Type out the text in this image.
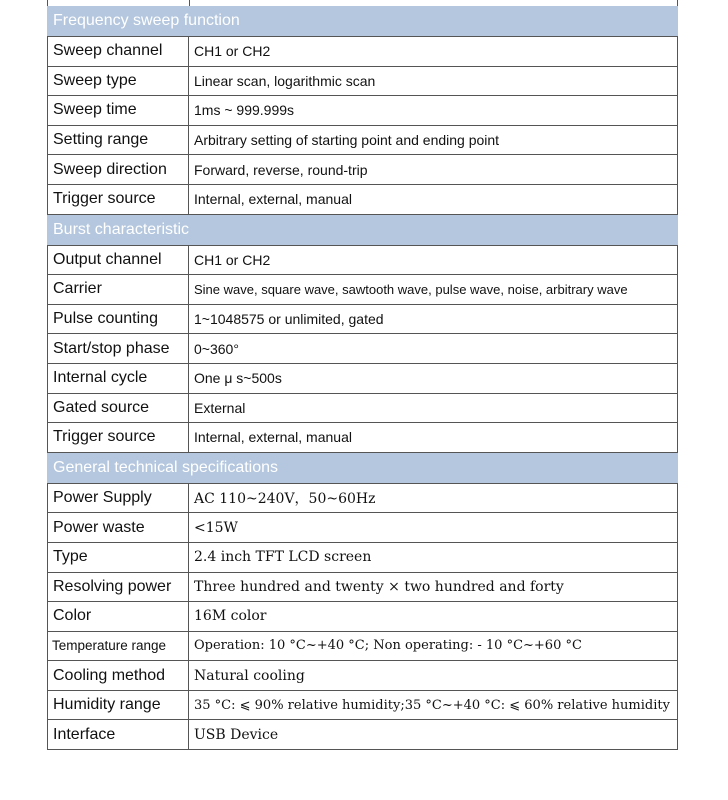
Frequency sweep function
Sweep channel	CH1 or CH2
Sweep type	Linear scan, logarithmic scan
Sweep time	1ms ~ 999.999s
Setting range	Arbitrary setting of starting point and ending point
Sweep direction	Forward, reverse, round-trip
Trigger source	Internal, external, manual
Burst characteristic
Output channel	CH1 or CH2
Carrier	Sine wave, square wave, sawtooth wave, pulse wave, noise, arbitrary wave
Pulse counting	1~1048575 or unlimited, gated
Start/stop phase	0~360°
Internal cycle	One μ s~500s
Gated source	External
Trigger source	Internal, external, manual
General technical specifications
Power Supply	AC 110~240V，50~60Hz
Power waste	<15W
Type	2.4 inch TFT LCD screen
Resolving power	Three hundred and twenty × two hundred and forty
Color	16M color
Temperature range	Operation: 10 °C~+40 °C; Non operating: - 10 °C~+60 °C
Cooling method	Natural cooling
Humidity range	35 °C: ⩽ 90% relative humidity;35 °C~+40 °C: ⩽ 60% relative humidity
Interface	USB Device
